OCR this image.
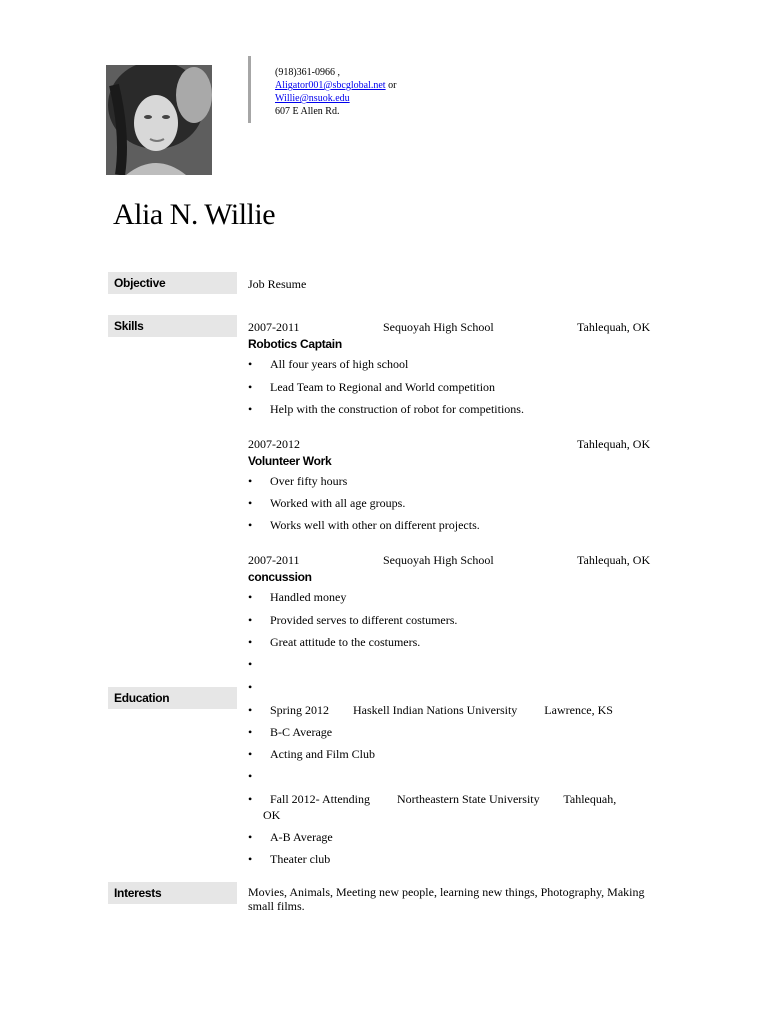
(918)361-0966 ,
Aligator001@sbcglobal.net or
Willie@nsuok.edu
607 E Allen Rd.
Alia N. Willie
Objective	Job Resume
Skills	2007-2011	Sequoyah High School	Tahlequah, OK
Robotics Captain
•All four years of high school
•Lead Team to Regional and World competition
•Help with the construction of robot for competitions.
2007-2012	Tahlequah, OK
Volunteer Work
•Over fifty hours
•Worked with all age groups.
•Works well with other on different projects.
2007-2011	Sequoyah High School	Tahlequah, OK
concussion
•Handled money
•Provided serves to different costumers.
•Great attitude to the costumers.
•
•
Education
• Spring 2012        Haskell Indian Nations University         Lawrence, KS
•B-C Average
•Acting and Film Club
•
• Fall 2012- Attending         Northeastern State University        Tahlequah,
OK
•A-B Average
•Theater club
Interests	Movies, Animals, Meeting new people, learning new things, Photography, Making small films.
